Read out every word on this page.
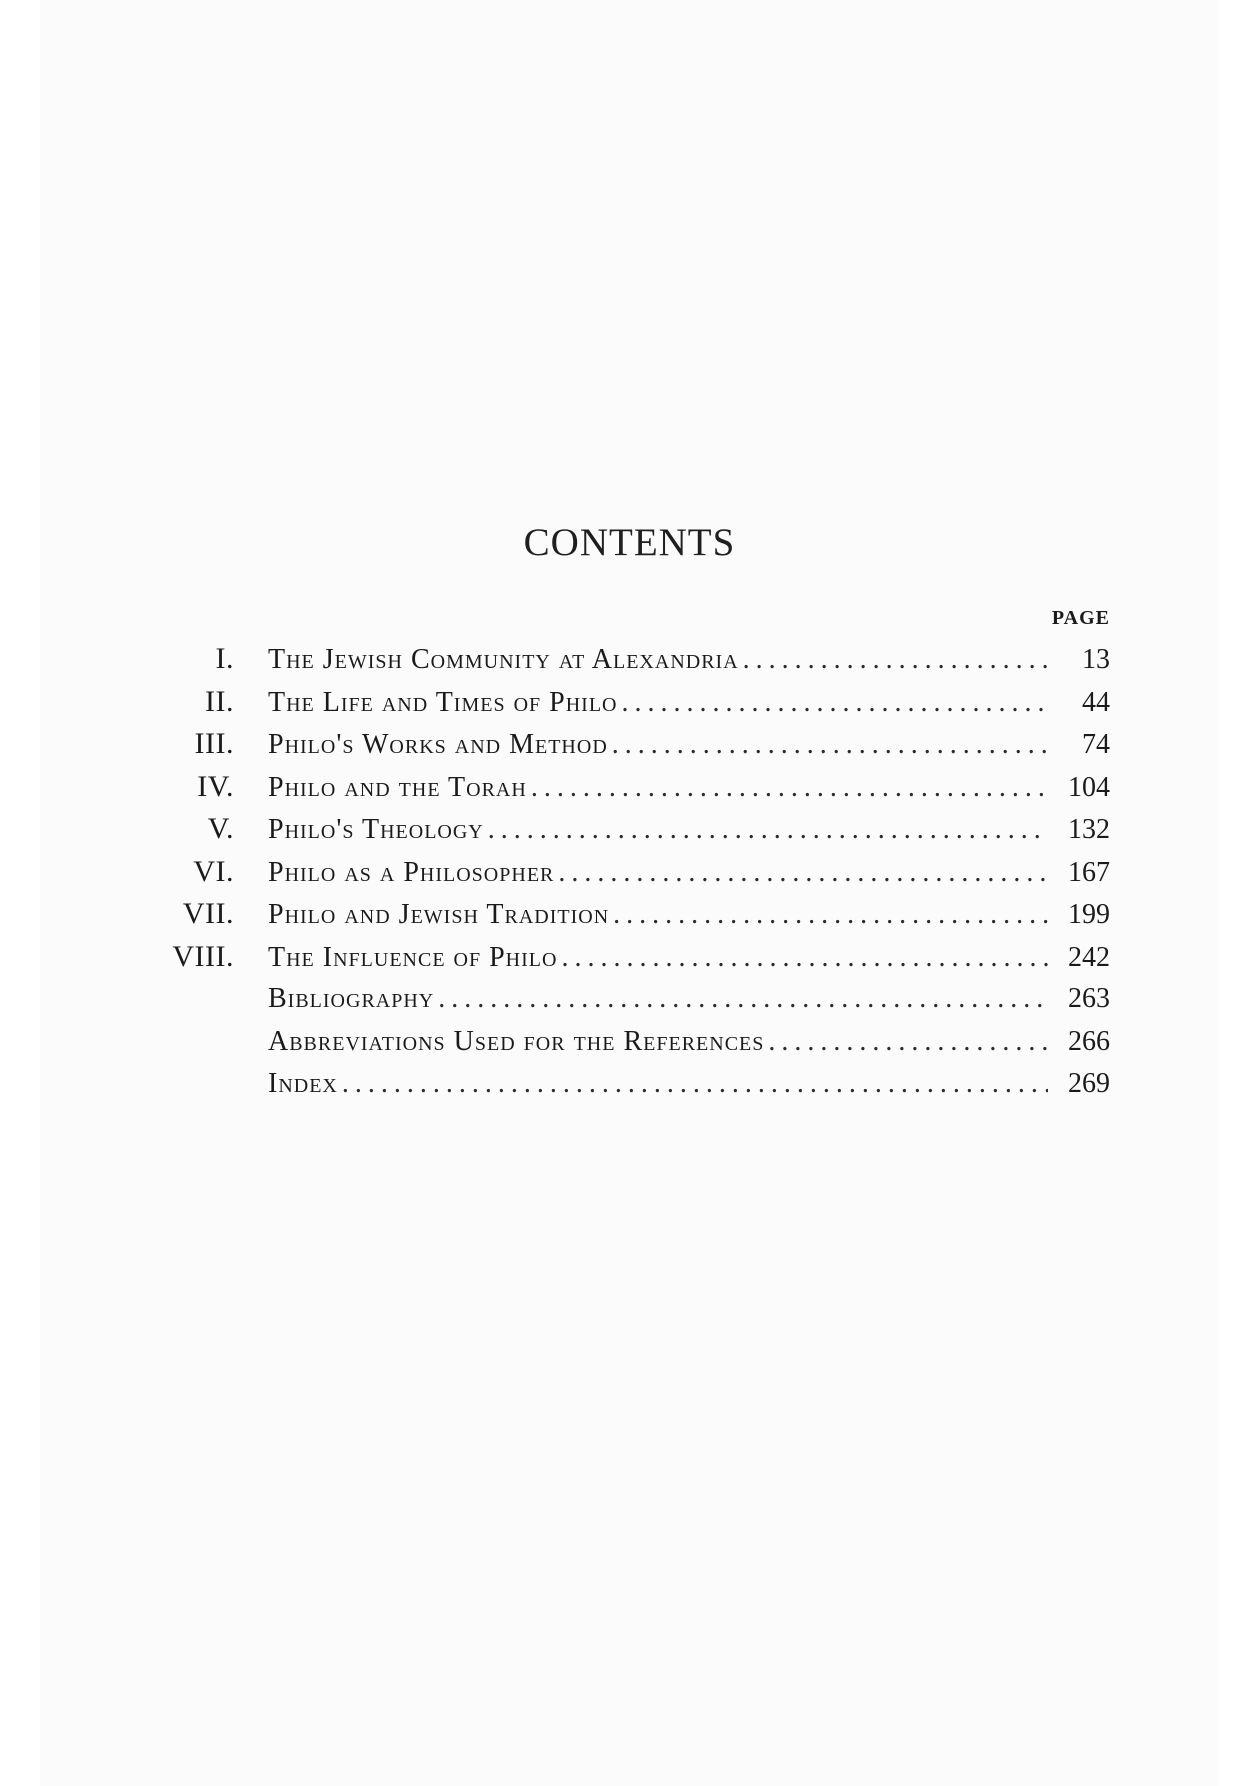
CONTENTS
PAGE
I. The Jewish Community at Alexandria .....	13
II. The Life and Times of Philo .....	44
III. Philo's Works and Method .....	74
IV. Philo and the Torah .....	104
V. Philo's Theology .....	132
VI. Philo as a Philosopher .....	167
VII. Philo and Jewish Tradition .....	199
VIII. The Influence of Philo .....	242
Bibliography .....	263
Abbreviations Used for the References .....	266
Index .....	269
